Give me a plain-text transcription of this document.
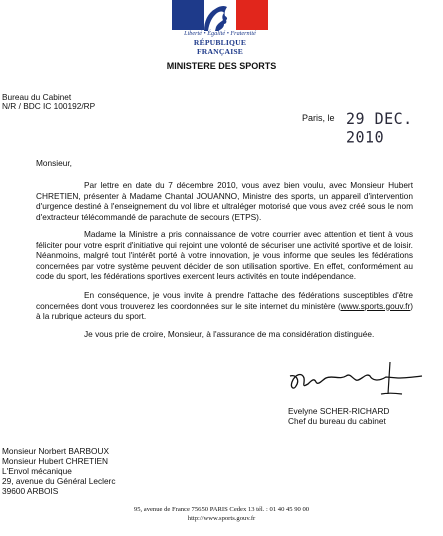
Liberté • Égalité • Fraternité
RÉPUBLIQUE FRANÇAISE
MINISTERE DES SPORTS
Bureau du Cabinet
N/R / BDC IC 100192/RP
Paris, le 29 DEC. 2010
Monsieur,
Par lettre en date du 7 décembre 2010, vous avez bien voulu, avec Monsieur Hubert CHRETIEN, présenter à Madame Chantal JOUANNO, Ministre des sports, un appareil d'intervention d'urgence destiné à l'enseignement du vol libre et ultraléger motorisé que vous avez créé sous le nom d'extracteur télécommandé de parachute de secours (ETPS).
Madame la Ministre a pris connaissance de votre courrier avec attention et tient à vous féliciter pour votre esprit d'initiative qui rejoint une volonté de sécuriser une activité sportive et de loisir. Néanmoins, malgré tout l'intérêt porté à votre innovation, je vous informe que seules les fédérations concernées par votre système peuvent décider de son utilisation sportive. En effet, conformément au code du sport, les fédérations sportives exercent leurs activités en toute indépendance.
En conséquence, je vous invite à prendre l'attache des fédérations susceptibles d'être concernées dont vous trouverez les coordonnées sur le site internet du ministère (www.sports.gouv.fr) à la rubrique acteurs du sport.
Je vous prie de croire, Monsieur, à l'assurance de ma considération distinguée.
Evelyne SCHER-RICHARD
Chef du bureau du cabinet
Monsieur Norbert BARBOUX
Monsieur Hubert CHRETIEN
L'Envol mécanique
29, avenue du Général Leclerc
39600 ARBOIS
95, avenue de France 75650 PARIS Cedex 13 tél. : 01 40 45 90 00
http://www.sports.gouv.fr
